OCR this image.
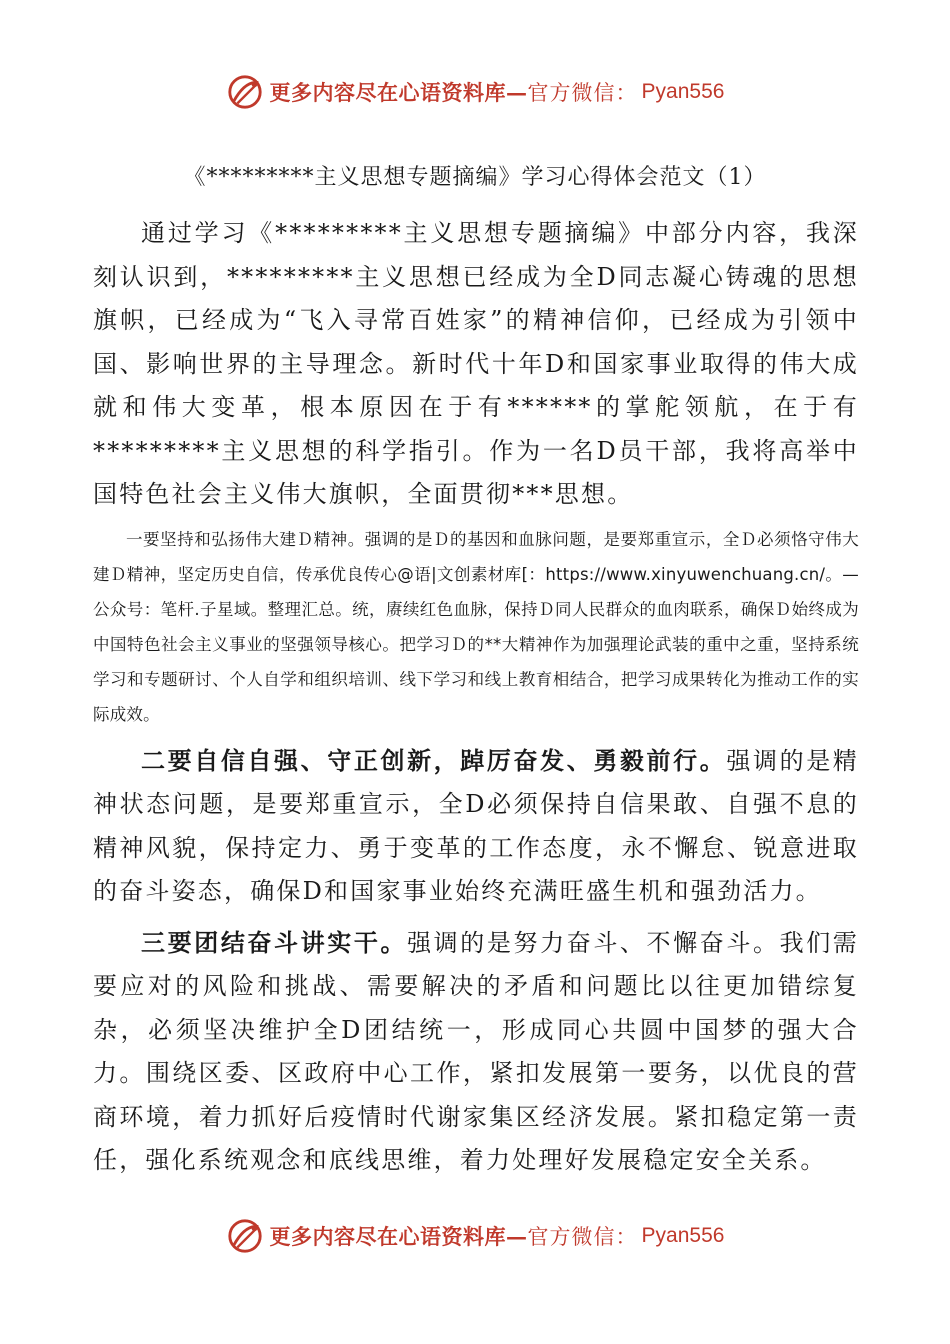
更多内容尽在心语资料库 — 官方微信： Pyan556
《*********主义思想专题摘编》学习心得体会范文（1）

通过学习《*********主义思想专题摘编》中部分内容，我深刻认识到，*********主义思想已经成为全D同志凝心铸魂的思想旗帜，已经成为“飞入寻常百姓家”的精神信仰，已经成为引领中国、影响世界的主导理念。新时代十年D和国家事业取得的伟大成就和伟大变革，根本原因在于有******的掌舵领航，在于有*********主义思想的科学指引。作为一名D员干部，我将高举中国特色社会主义伟大旗帜，全面贯彻***思想。

一要坚持和弘扬伟大建Ｄ精神。强调的是Ｄ的基因和血脉问题，是要郑重宣示，全Ｄ必须恪守伟大建Ｄ精神，坚定历史自信，传承优良传心@语|文创素材库[：https://www.xinyuwenchuang.cn/。—公众号：笔杆.子星域。整理汇总。统，赓续红色血脉，保持Ｄ同人民群众的血肉联系，确保Ｄ始终成为中国特色社会主义事业的坚强领导核心。把学习Ｄ的**大精神作为加强理论武装的重中之重，坚持系统学习和专题研讨、个人自学和组织培训、线下学习和线上教育相结合，把学习成果转化为推动工作的实际成效。

二要自信自强、守正创新，踔厉奋发、勇毅前行。强调的是精神状态问题，是要郑重宣示，全D必须保持自信果敢、自强不息的精神风貌，保持定力、勇于变革的工作态度，永不懈怠、锐意进取的奋斗姿态，确保D和国家事业始终充满旺盛生机和强劲活力。

三要团结奋斗讲实干。强调的是努力奋斗、不懈奋斗。我们需要应对的风险和挑战、需要解决的矛盾和问题比以往更加错综复杂，必须坚决维护全D团结统一，形成同心共圆中国梦的强大合力。围绕区委、区政府中心工作，紧扣发展第一要务，以优良的营商环境，着力抓好后疫情时代谢家集区经济发展。紧扣稳定第一责任，强化系统观念和底线思维，着力处理好发展稳定安全关系。

更多内容尽在心语资料库 — 官方微信： Pyan556
